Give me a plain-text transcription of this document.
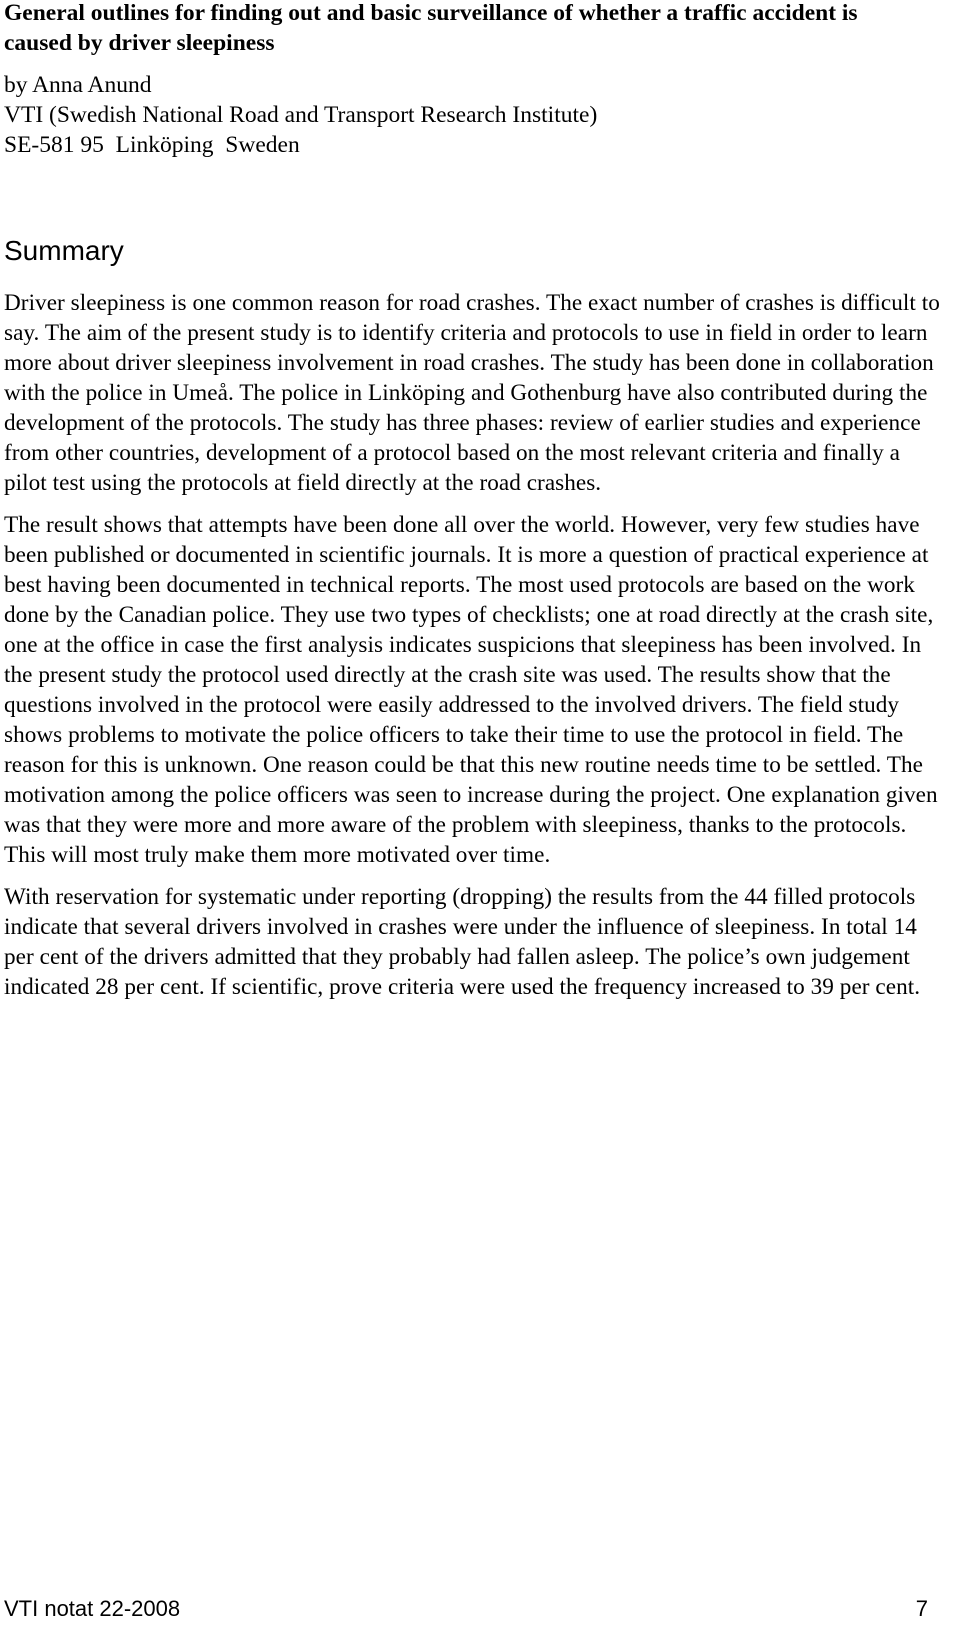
General outlines for finding out and basic surveillance of whether a traffic accident is caused by driver sleepiness
by Anna Anund
VTI (Swedish National Road and Transport Research Institute)
SE-581 95  Linköping  Sweden
Summary

Driver sleepiness is one common reason for road crashes. The exact number of crashes is difficult to say. The aim of the present study is to identify criteria and protocols to use in field in order to learn more about driver sleepiness involvement in road crashes. The study has been done in collaboration with the police in Umeå. The police in Linköping and Gothenburg have also contributed during the development of the protocols. The study has three phases: review of earlier studies and experience from other countries, development of a protocol based on the most relevant criteria and finally a pilot test using the protocols at field directly at the road crashes.

The result shows that attempts have been done all over the world. However, very few studies have been published or documented in scientific journals. It is more a question of practical experience at best having been documented in technical reports. The most used protocols are based on the work done by the Canadian police. They use two types of checklists; one at road directly at the crash site, one at the office in case the first analysis indicates suspicions that sleepiness has been involved. In the present study the protocol used directly at the crash site was used. The results show that the questions involved in the protocol were easily addressed to the involved drivers. The field study shows problems to motivate the police officers to take their time to use the protocol in field. The reason for this is unknown. One reason could be that this new routine needs time to be settled. The motivation among the police officers was seen to increase during the project. One explanation given was that they were more and more aware of the problem with sleepiness, thanks to the protocols. This will most truly make them more motivated over time.

With reservation for systematic under reporting (dropping) the results from the 44 filled protocols indicate that several drivers involved in crashes were under the influence of sleepiness. In total 14 per cent of the drivers admitted that they probably had fallen asleep. The police’s own judgement indicated 28 per cent. If scientific, prove criteria were used the frequency increased to 39 per cent.

VTI notat 22-2008	7
